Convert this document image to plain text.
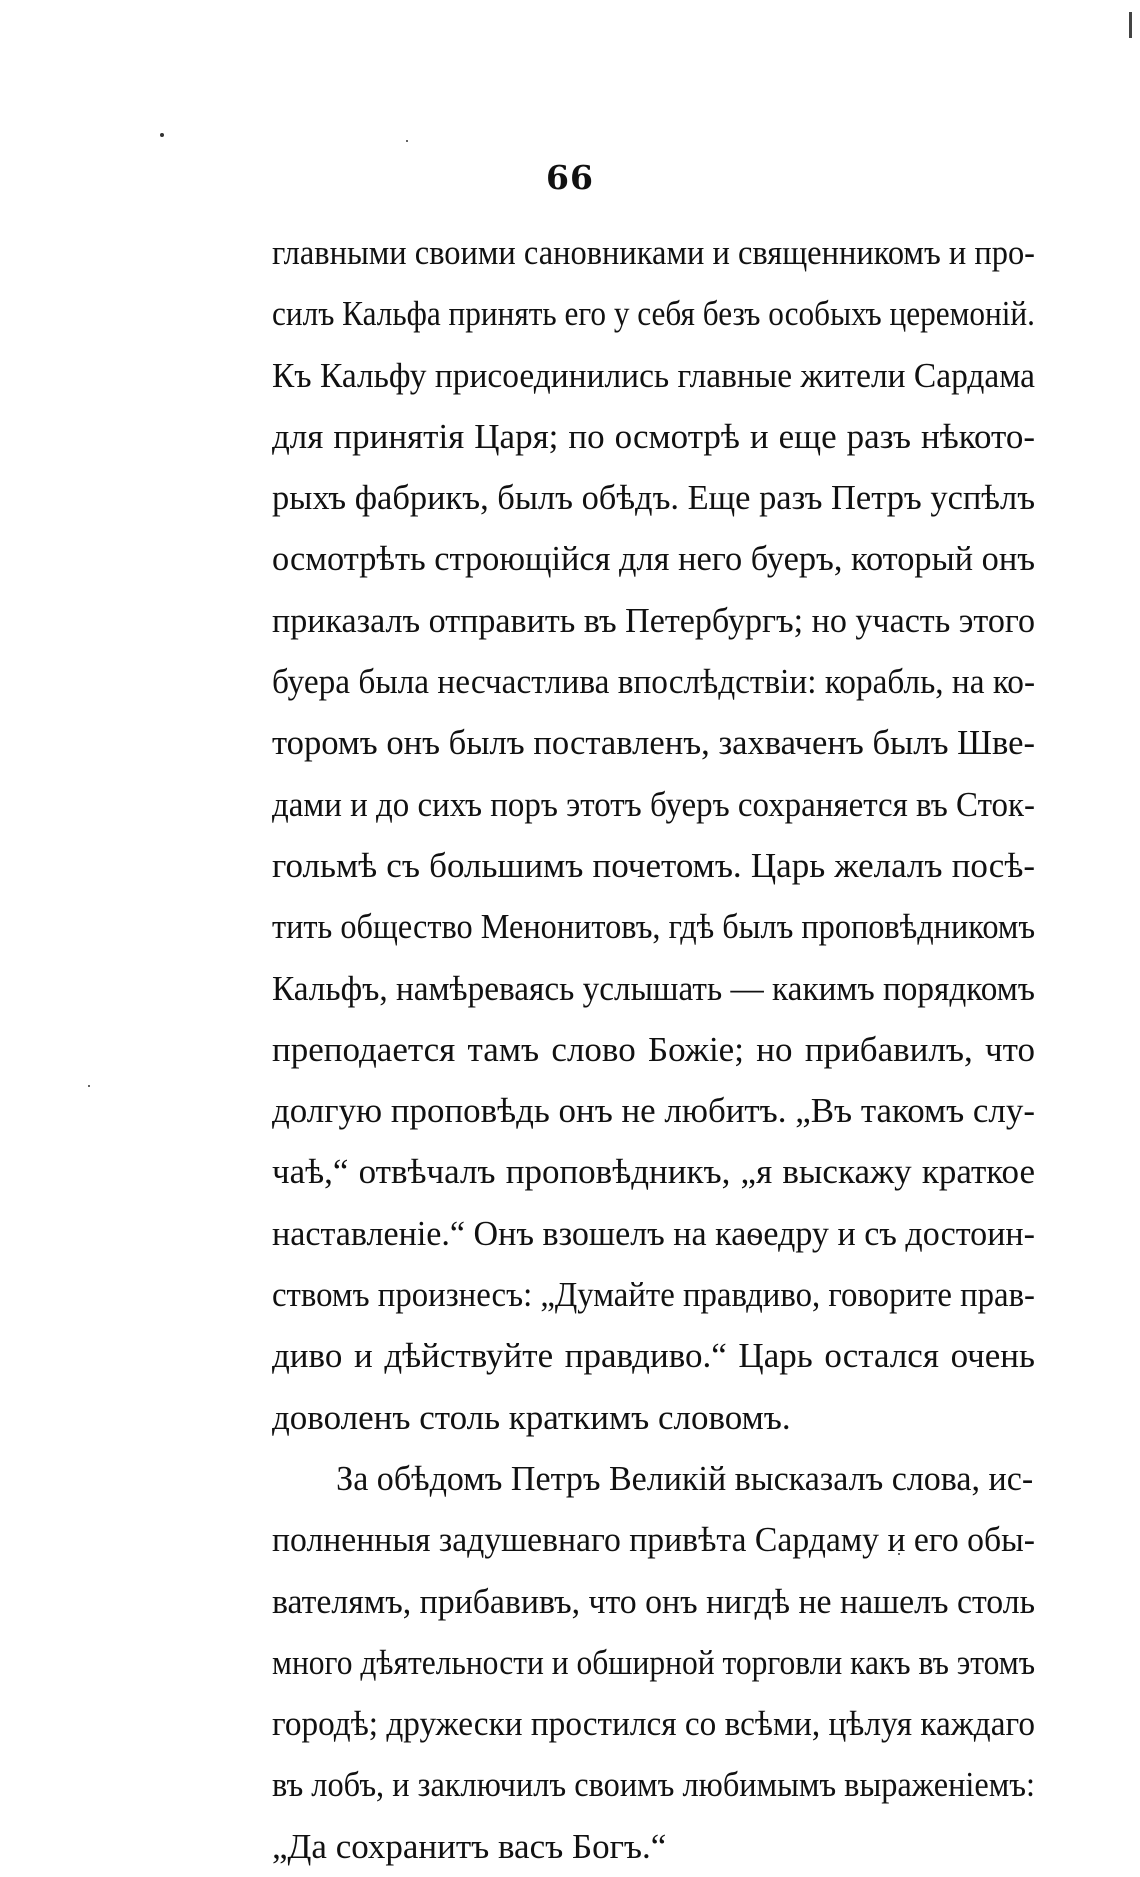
66
главными своими сановниками и священникомъ и про-
силъ Кальфа принять его у себя безъ особыхъ церемоній.
Къ Кальфу присоединились главные жители Сардама
для принятія Царя; по осмотрѣ и еще разъ нѣкото-
рыхъ фабрикъ, былъ обѣдъ. Еще разъ Петръ успѣлъ
осмотрѣть строющійся для него буеръ, который онъ
приказалъ отправить въ Петербургъ; но участь этого
буера была несчастлива впослѣдствіи: корабль, на ко-
торомъ онъ былъ поставленъ, захваченъ былъ Шве-
дами и до сихъ поръ этотъ буеръ сохраняется въ Сток-
гольмѣ съ большимъ почетомъ. Царь желалъ посѣ-
тить общество Менонитовъ, гдѣ былъ проповѣдникомъ
Кальфъ, намѣреваясь услышать — какимъ порядкомъ
преподается тамъ слово Божіе; но прибавилъ, что
долгую проповѣдь онъ не любитъ. „Въ такомъ слу-
чаѣ,“ отвѣчалъ проповѣдникъ, „я выскажу краткое
наставленіе.“ Онъ взошелъ на каѳедру и съ достоин-
ствомъ произнесъ: „Думайте правдиво, говорите прав-
диво и дѣйствуйте правдиво.“ Царь остался очень
доволенъ столь краткимъ словомъ.
За обѣдомъ Петръ Великій высказалъ слова, ис-
полненныя задушевнаго привѣта Сардаму и его обы-
вателямъ, прибавивъ, что онъ нигдѣ не нашелъ столь
много дѣятельности и обширной торговли какъ въ этомъ
городѣ; дружески простился со всѣми, цѣлуя каждаго
въ лобъ, и заключилъ своимъ любимымъ выраженіемъ:
„Да сохранитъ васъ Богъ.“
